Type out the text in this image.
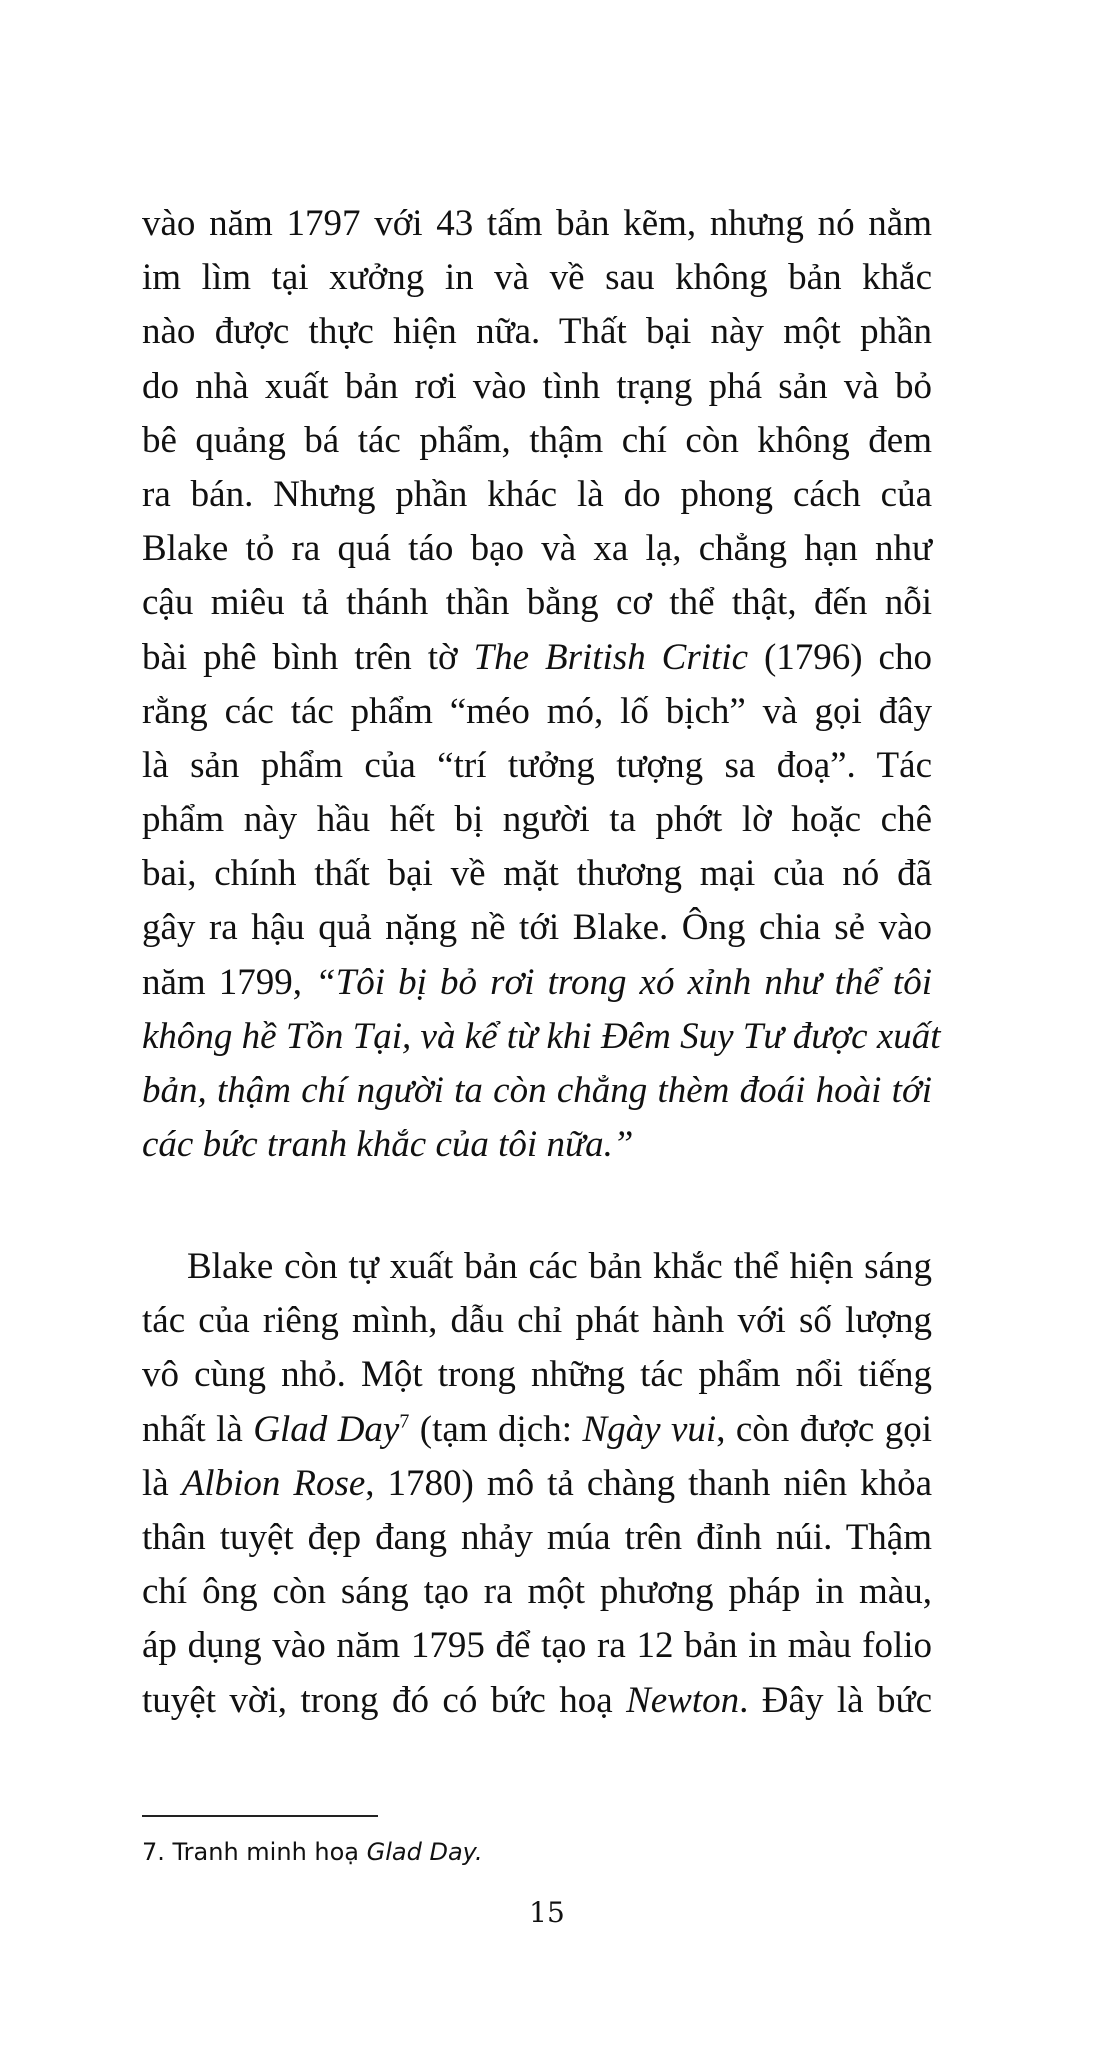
vào năm 1797 với 43 tấm bản kẽm, nhưng nó nằm
im lìm tại xưởng in và về sau không bản khắc
nào được thực hiện nữa. Thất bại này một phần
do nhà xuất bản rơi vào tình trạng phá sản và bỏ
bê quảng bá tác phẩm, thậm chí còn không đem
ra bán. Nhưng phần khác là do phong cách của
Blake tỏ ra quá táo bạo và xa lạ, chẳng hạn như
cậu miêu tả thánh thần bằng cơ thể thật, đến nỗi
bài phê bình trên tờ The British Critic (1796) cho
rằng các tác phẩm “méo mó, lố bịch” và gọi đây
là sản phẩm của “trí tưởng tượng sa đoạ”. Tác
phẩm này hầu hết bị người ta phớt lờ hoặc chê
bai, chính thất bại về mặt thương mại của nó đã
gây ra hậu quả nặng nề tới Blake. Ông chia sẻ vào
năm 1799, “Tôi bị bỏ rơi trong xó xỉnh như thể tôi
không hề Tồn Tại, và kể từ khi Đêm Suy Tư được xuất
bản, thậm chí người ta còn chẳng thèm đoái hoài tới
các bức tranh khắc của tôi nữa.”
Blake còn tự xuất bản các bản khắc thể hiện sáng
tác của riêng mình, dẫu chỉ phát hành với số lượng
vô cùng nhỏ. Một trong những tác phẩm nổi tiếng
nhất là Glad Day$^7$ (tạm dịch: Ngày vui, còn được gọi
là Albion Rose, 1780) mô tả chàng thanh niên khỏa
thân tuyệt đẹp đang nhảy múa trên đỉnh núi. Thậm
chí ông còn sáng tạo ra một phương pháp in màu,
áp dụng vào năm 1795 để tạo ra 12 bản in màu folio
tuyệt vời, trong đó có bức hoạ Newton. Đây là bức
7. Tranh minh hoạ Glad Day.
15
